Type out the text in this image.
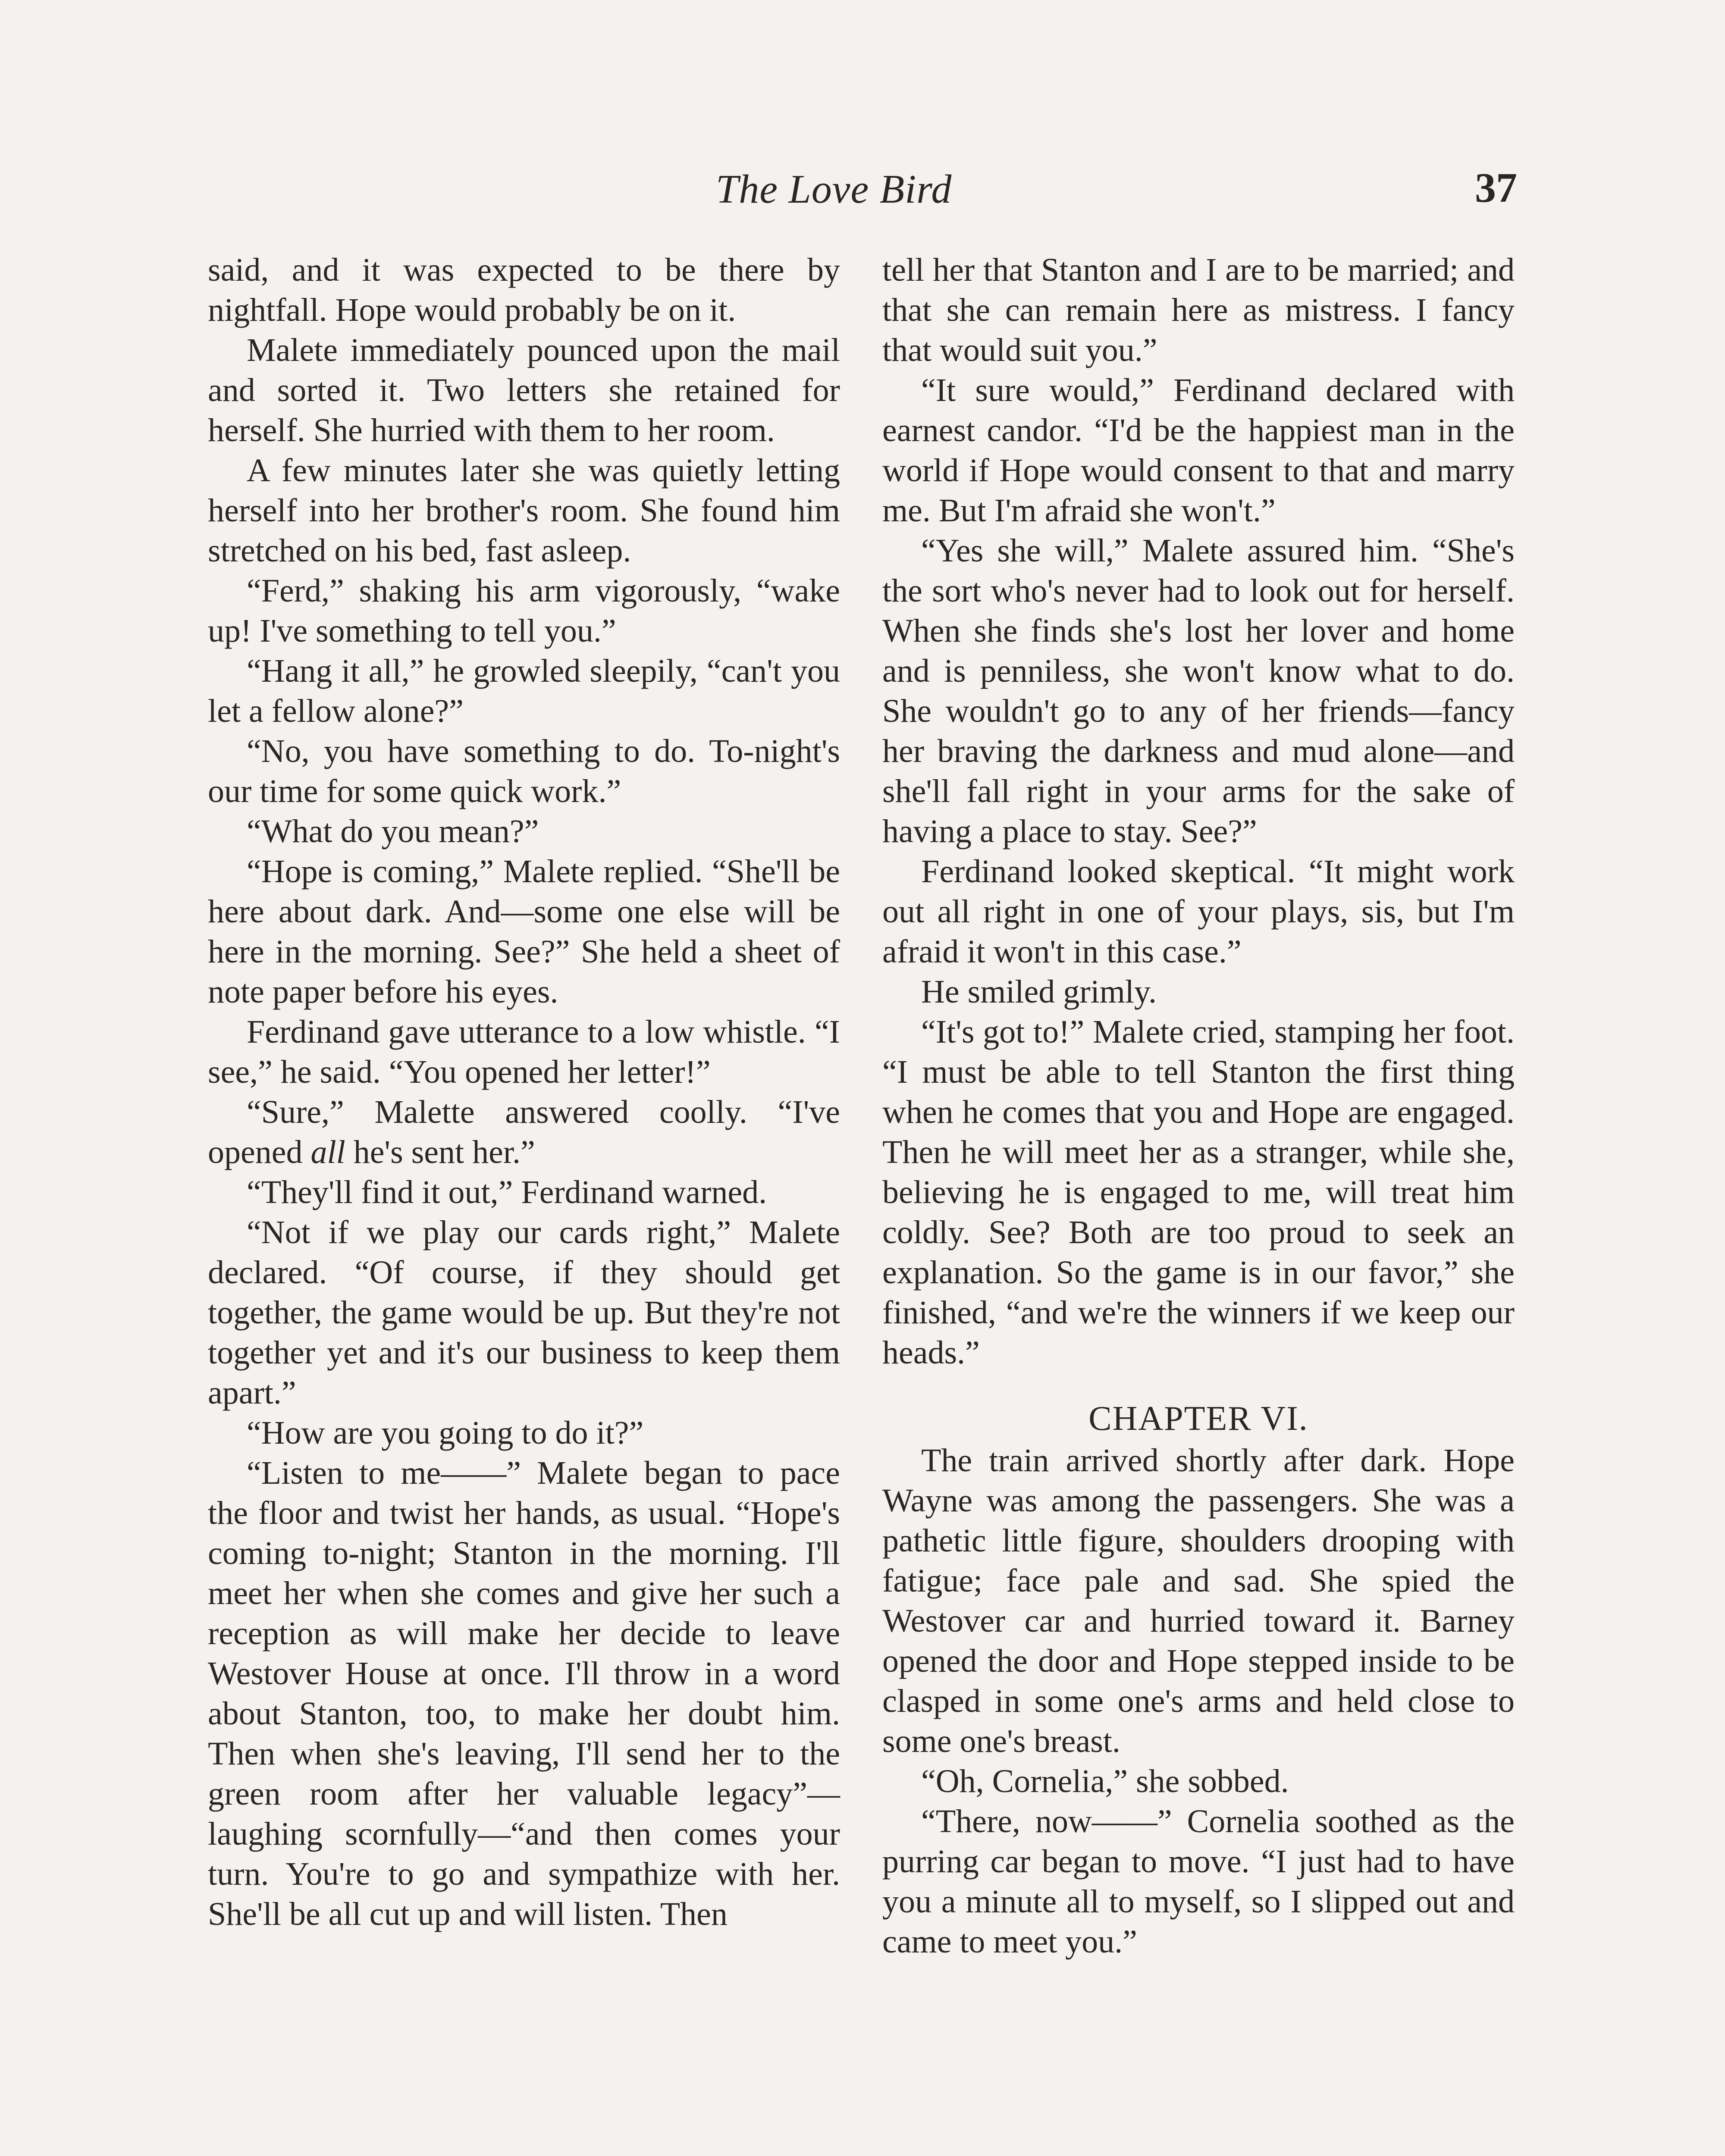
The Love Bird	37

said, and it was expected to be there by nightfall. Hope would probably be on it.

Malete immediately pounced upon the mail and sorted it. Two letters she retained for herself. She hurried with them to her room.

A few minutes later she was quietly letting herself into her brother's room. She found him stretched on his bed, fast asleep.

“Ferd,” shaking his arm vigorously, “wake up! I've something to tell you.”

“Hang it all,” he growled sleepily, “can't you let a fellow alone?”

“No, you have something to do. To-night's our time for some quick work.”

“What do you mean?”

“Hope is coming,” Malete replied. “She'll be here about dark. And—some one else will be here in the morning. See?” She held a sheet of note paper before his eyes.

Ferdinand gave utterance to a low whistle. “I see,” he said. “You opened her letter!”

“Sure,” Malette answered coolly. “I've opened all he's sent her.”

“They'll find it out,” Ferdinand warned.

“Not if we play our cards right,” Malete declared. “Of course, if they should get together, the game would be up. But they're not together yet and it's our business to keep them apart.”

“How are you going to do it?”

“Listen to me——” Malete began to pace the floor and twist her hands, as usual. “Hope's coming to-night; Stanton in the morning. I'll meet her when she comes and give her such a reception as will make her decide to leave Westover House at once. I'll throw in a word about Stanton, too, to make her doubt him. Then when she's leaving, I'll send her to the green room after her valuable legacy”—laughing scornfully—“and then comes your turn. You're to go and sympathize with her. She'll be all cut up and will listen. Then

tell her that Stanton and I are to be married; and that she can remain here as mistress. I fancy that would suit you.”

“It sure would,” Ferdinand declared with earnest candor. “I'd be the happiest man in the world if Hope would consent to that and marry me. But I'm afraid she won't.”

“Yes she will,” Malete assured him. “She's the sort who's never had to look out for herself. When she finds she's lost her lover and home and is penniless, she won't know what to do. She wouldn't go to any of her friends—fancy her braving the darkness and mud alone—and she'll fall right in your arms for the sake of having a place to stay. See?”

Ferdinand looked skeptical. “It might work out all right in one of your plays, sis, but I'm afraid it won't in this case.”

He smiled grimly.

“It's got to!” Malete cried, stamping her foot. “I must be able to tell Stanton the first thing when he comes that you and Hope are engaged. Then he will meet her as a stranger, while she, believing he is engaged to me, will treat him coldly. See? Both are too proud to seek an explanation. So the game is in our favor,” she finished, “and we're the winners if we keep our heads.”

CHAPTER VI.

The train arrived shortly after dark. Hope Wayne was among the passengers. She was a pathetic little figure, shoulders drooping with fatigue; face pale and sad. She spied the Westover car and hurried toward it. Barney opened the door and Hope stepped inside to be clasped in some one's arms and held close to some one's breast.

“Oh, Cornelia,” she sobbed.

“There, now——” Cornelia soothed as the purring car began to move. “I just had to have you a minute all to myself, so I slipped out and came to meet you.”
